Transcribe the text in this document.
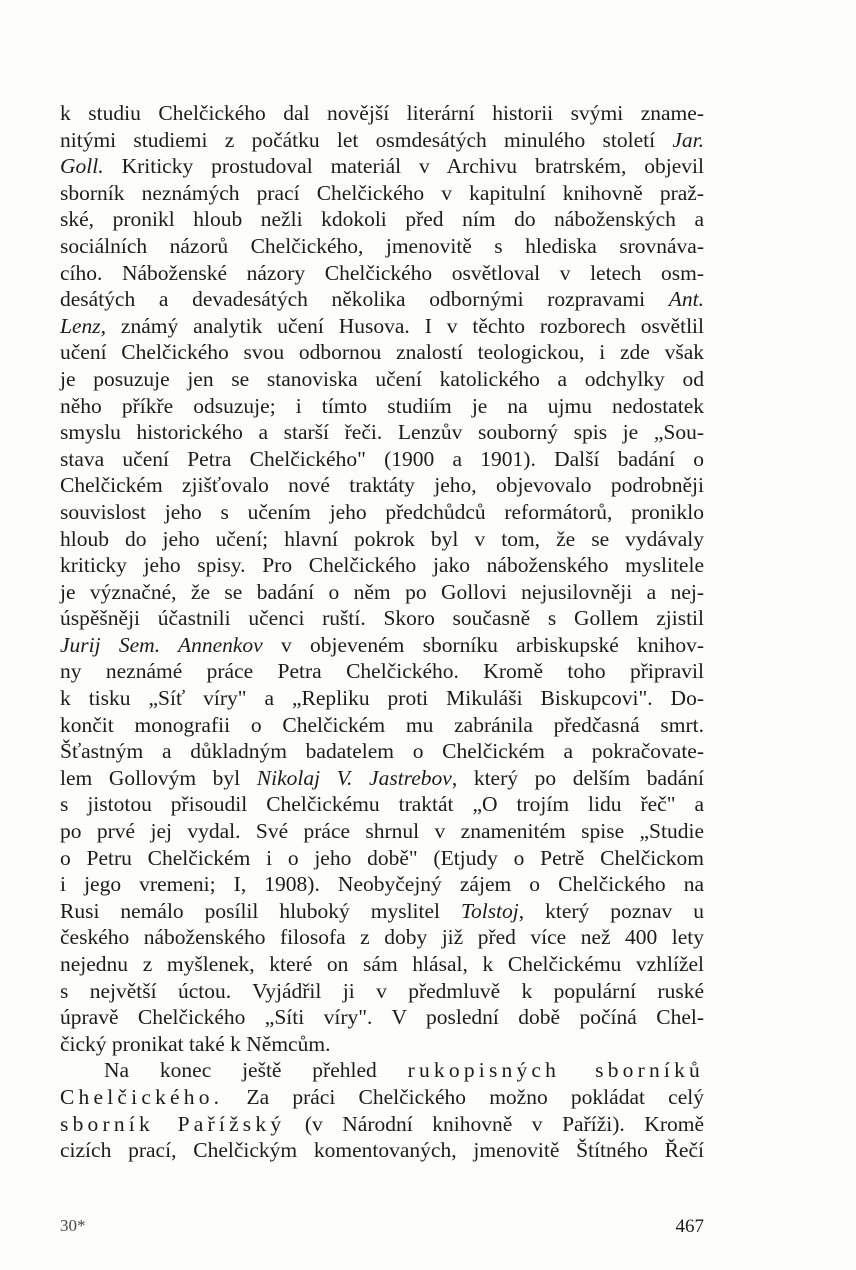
k studiu Chelčického dal novější literární historii svými zname-
nitými studiemi z počátku let osmdesátých minulého století Jar.
Goll. Kriticky prostudoval materiál v Archivu bratrském, objevil
sborník neznámých prací Chelčického v kapitulní knihovně praž-
ské, pronikl hloub nežli kdokoli před ním do náboženských a
sociálních názorů Chelčického, jmenovitě s hlediska srovnáva-
cího. Náboženské názory Chelčického osvětloval v letech osm-
desátých a devadesátých několika odbornými rozpravami Ant.
Lenz, známý analytik učení Husova. I v těchto rozborech osvětlil
učení Chelčického svou odbornou znalostí teologickou, i zde však
je posuzuje jen se stanoviska učení katolického a odchylky od
něho příkře odsuzuje; i tímto studiím je na ujmu nedostatek
smyslu historického a starší řeči. Lenzův souborný spis je „Sou-
stava učení Petra Chelčického" (1900 a 1901). Další badání o
Chelčickém zjišťovalo nové traktáty jeho, objevovalo podrobněji
souvislost jeho s učením jeho předchůdců reformátorů, proniklo
hloub do jeho učení; hlavní pokrok byl v tom, že se vydávaly
kriticky jeho spisy. Pro Chelčického jako náboženského myslitele
je význačné, že se badání o něm po Gollovi nejusilovněji a nej-
úspěšněji účastnili učenci ruští. Skoro současně s Gollem zjistil
Jurij Sem. Annenkov v objeveném sborníku arbiskupské knihov-
ny neznámé práce Petra Chelčického. Kromě toho připravil
k tisku „Síť víry" a „Repliku proti Mikuláši Biskupcovi". Do-
končit monografii o Chelčickém mu zabránila předčasná smrt.
Šťastným a důkladným badatelem o Chelčickém a pokračovate-
lem Gollovým byl Nikolaj V. Jastrebov, který po delším badání
s jistotou přisoudil Chelčickému traktát „O trojím lidu řeč" a
po prvé jej vydal. Své práce shrnul v znamenitém spise „Studie
o Petru Chelčickém i o jeho době" (Etjudy o Petrě Chelčickom
i jego vremeni; I, 1908). Neobyčejný zájem o Chelčického na
Rusi nemálo posílil hluboký myslitel Tolstoj, který poznav u
českého náboženského filosofa z doby již před více než 400 lety
nejednu z myšlenek, které on sám hlásal, k Chelčickému vzhlížel
s největší úctou. Vyjádřil ji v předmluvě k populární ruské
úpravě Chelčického „Síti víry". V poslední době počíná Chel-
čický pronikat také k Němcům.
Na konec ještě přehled rukopisných sborníků
Chelčického. Za práci Chelčického možno pokládat celý
sborník Pařížský (v Národní knihovně v Paříži). Kromě
cizích prací, Chelčickým komentovaných, jmenovitě Štítného Řečí
30*	467
